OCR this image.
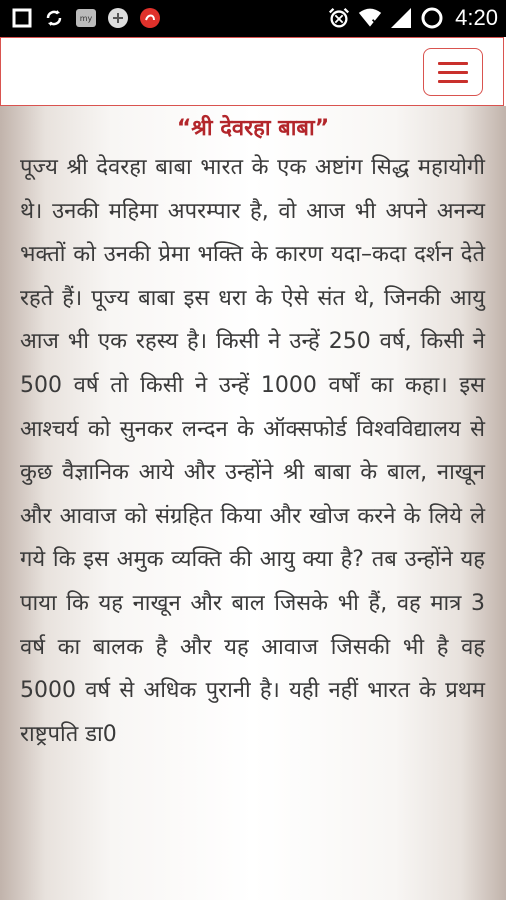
my	4:20
“श्री देवरहा बाबा”

पूज्य श्री देवरहा बाबा भारत के एक अष्टांग सिद्ध महायोगी थे। उनकी महिमा अपरम्पार है, वो आज भी अपने अनन्य भक्तों को उनकी प्रेमा भक्ति के कारण यदा–कदा दर्शन देते रहते हैं। पूज्य बाबा इस धरा के ऐसे संत थे, जिनकी आयु आज भी एक रहस्य है। किसी ने उन्हें 250 वर्ष, किसी ने 500 वर्ष तो किसी ने उन्हें 1000 वर्षों का कहा। इस आश्चर्य को सुनकर लन्दन के ऑक्सफोर्ड विश्वविद्यालय से कुछ वैज्ञानिक आये और उन्होंने श्री बाबा के बाल, नाखून और आवाज को संग्रहित किया और खोज करने के लिये ले गये कि इस अमुक व्यक्ति की आयु क्या है? तब उन्होंने यह पाया कि यह नाखून और बाल जिसके भी हैं, वह मात्र 3 वर्ष का बालक है और यह आवाज जिसकी भी है वह 5000 वर्ष से अधिक पुरानी है। यही नहीं भारत के प्रथम राष्ट्रपति डा0
